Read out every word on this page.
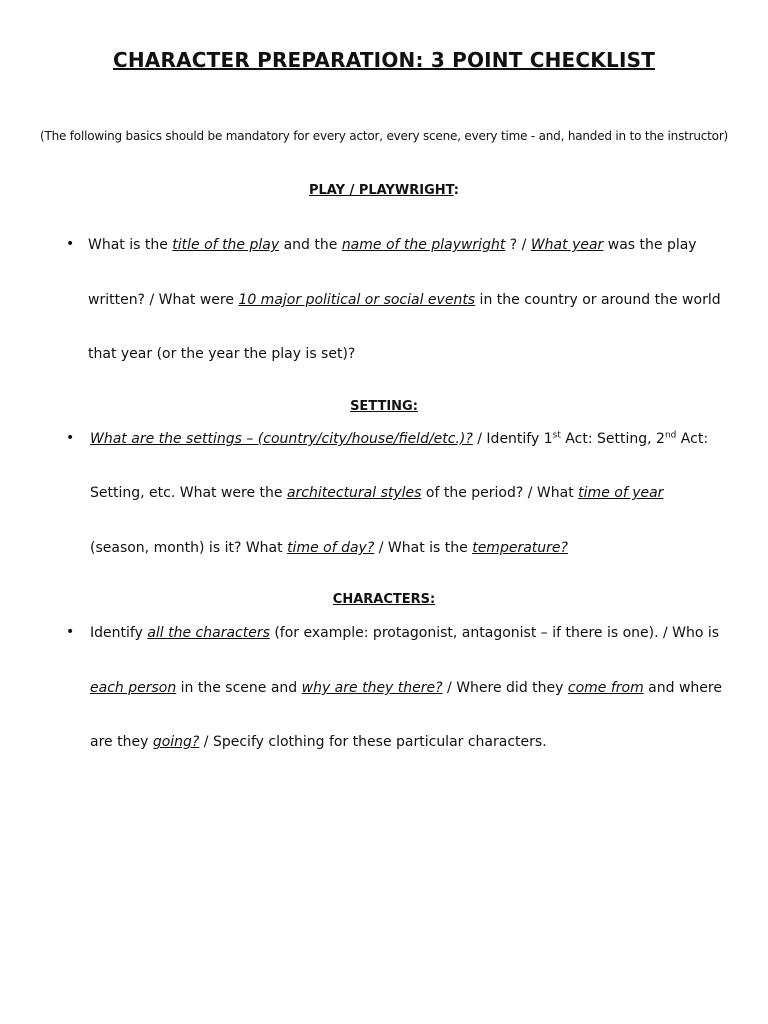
CHARACTER PREPARATION: 3 POINT CHECKLIST
(The following basics should be mandatory for every actor, every scene, every time - and, handed in to the instructor)
PLAY / PLAYWRIGHT:
• What is the title of the play and the name of the playwright ? / What year was the play
written? / What were 10 major political or social events in the country or around the world
that year (or the year the play is set)?
SETTING:
• What are the settings – (country/city/house/field/etc.)? / Identify 1st Act: Setting, 2nd Act:
Setting, etc. What were the architectural styles of the period? / What time of year
(season, month) is it? What time of day? / What is the temperature?
CHARACTERS:
• Identify all the characters (for example: protagonist, antagonist – if there is one). / Who is
each person in the scene and why are they there? / Where did they come from and where
are they going? / Specify clothing for these particular characters.
